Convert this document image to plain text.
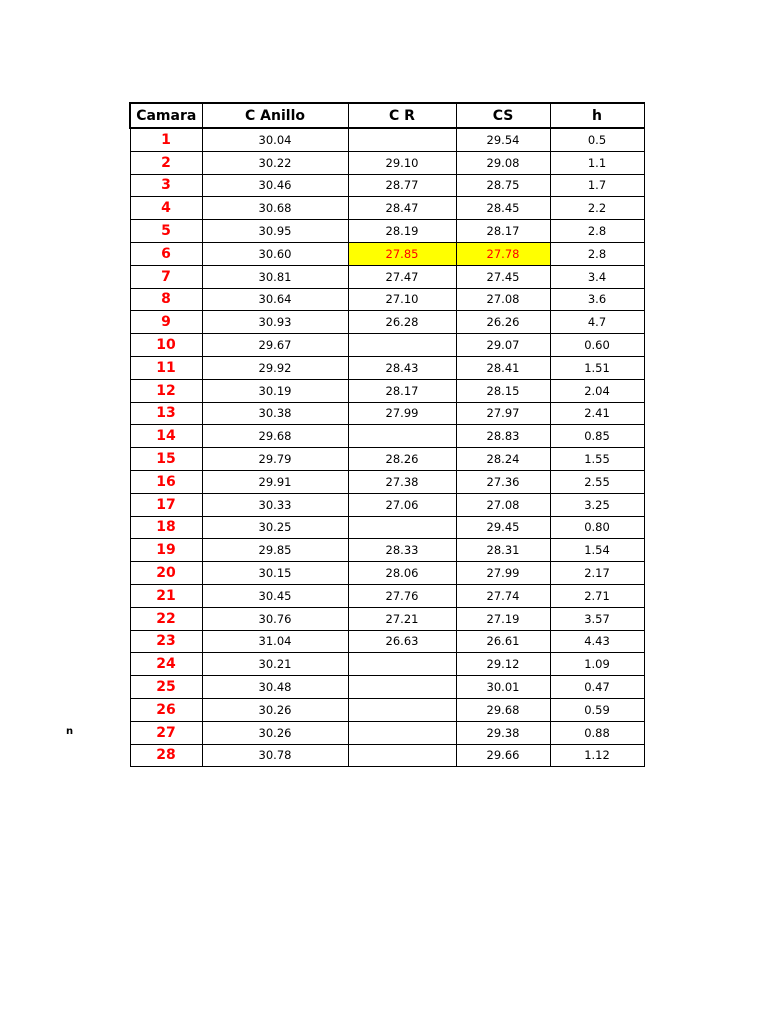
n
Camara	C Anillo	C R	CS	h
1	30.04		29.54	0.5
2	30.22	29.10	29.08	1.1
3	30.46	28.77	28.75	1.7
4	30.68	28.47	28.45	2.2
5	30.95	28.19	28.17	2.8
6	30.60	27.85	27.78	2.8
7	30.81	27.47	27.45	3.4
8	30.64	27.10	27.08	3.6
9	30.93	26.28	26.26	4.7
10	29.67		29.07	0.60
11	29.92	28.43	28.41	1.51
12	30.19	28.17	28.15	2.04
13	30.38	27.99	27.97	2.41
14	29.68		28.83	0.85
15	29.79	28.26	28.24	1.55
16	29.91	27.38	27.36	2.55
17	30.33	27.06	27.08	3.25
18	30.25		29.45	0.80
19	29.85	28.33	28.31	1.54
20	30.15	28.06	27.99	2.17
21	30.45	27.76	27.74	2.71
22	30.76	27.21	27.19	3.57
23	31.04	26.63	26.61	4.43
24	30.21		29.12	1.09
25	30.48		30.01	0.47
26	30.26		29.68	0.59
27	30.26		29.38	0.88
28	30.78		29.66	1.12
